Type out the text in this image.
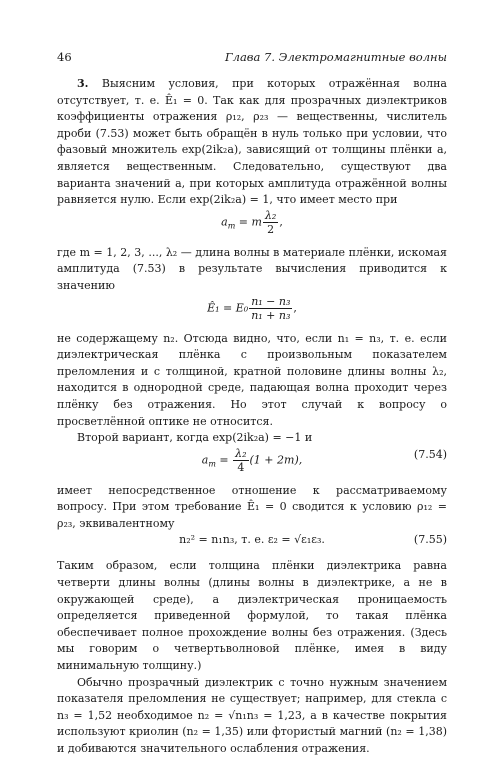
46	Глава 7. Электромагнитные волны

3. Выясним условия, при которых отражённая волна отсутствует, т. е. Ê₁ = 0. Так как для прозрачных диэлектриков коэффициенты отражения ρ₁₂, ρ₂₃ — вещественны, числитель дроби (7.53) может быть обращён в нуль только при условии, что фазовый множитель exp(2ik₂a), зависящий от толщины плёнки a, является вещественным. Следовательно, существуют два варианта значений a, при которых амплитуда отражённой волны равняется нулю. Если exp(2ik₂a) = 1, что имеет место при

$a_m = m \frac{\text{λ₂}}{2}$ ,

где m = 1, 2, 3, ..., λ₂ — длина волны в материале плёнки, искомая амплитуда (7.53) в результате вычисления приводится к значению

Ê₁ = $E_0 \frac{\text{n₁ − n₃}}{\text{n₁ + n₃}}$ ,

не содержащему n₂. Отсюда видно, что, если n₁ = n₃, т. е. если диэлектрическая плёнка с произвольным показателем преломления и с толщиной, кратной половине длины волны λ₂, находится в однородной среде, падающая волна проходит через плёнку без отражения. Но этот случай к вопросу о просветлённой оптике не относится.

Второй вариант, когда exp(2ik₂a) = −1 и

$a_m = \frac{\text{λ₂}}{4} (1 + 2m)$,	(7.54)

имеет непосредственное отношение к рассматриваемому вопросу. При этом требование Ê₁ = 0 сводится к условию ρ₁₂ = ρ₂₃, эквивалентному

n₂² = n₁n₃, т. е. ε₂ = √ε₁ε₃.	(7.55)

Таким образом, если толщина плёнки диэлектрика равна четверти длины волны (длины волны в диэлектрике, а не в окружающей среде), а диэлектрическая проницаемость определяется приведенной формулой, то такая плёнка обеспечивает полное прохождение волны без отражения. (Здесь мы говорим о четвертьволновой плёнке, имея в виду минимальную толщину.)

Обычно прозрачный диэлектрик с точно нужным значением показателя преломления не существует; например, для стекла с n₃ = 1,52 необходимое n₂ = √n₁n₃ = 1,23, а в качестве покрытия используют криолин (n₂ = 1,35) или фтористый магний (n₂ = 1,38) и добиваются значительного ослабления отражения.
